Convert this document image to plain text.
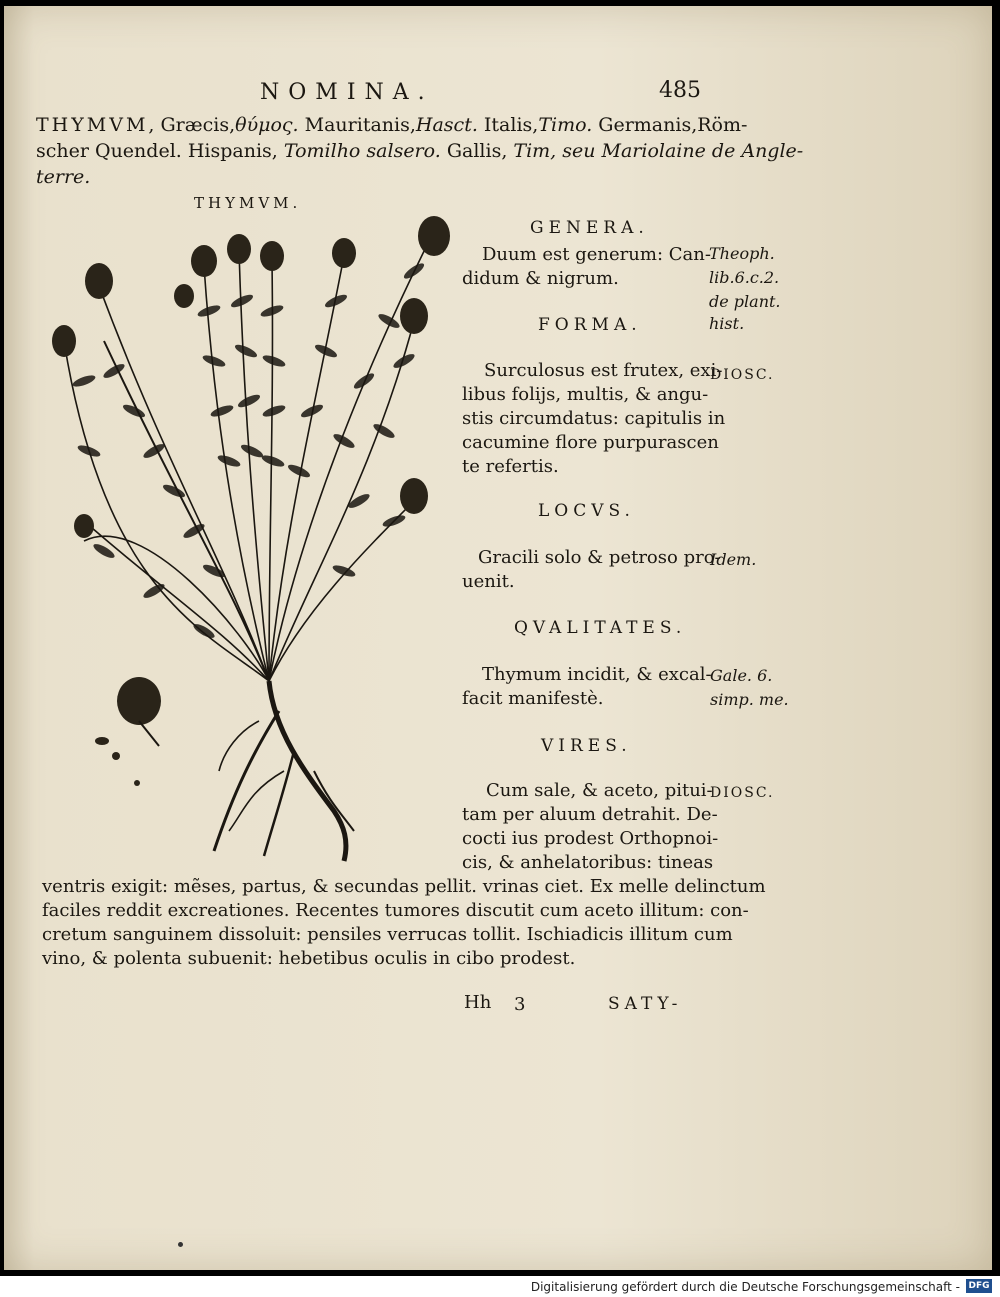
NOMINA.	485
THYMVM, Græcis,θύμος. Mauritanis,Hasct. Italis,Timo. Germanis,Röm-
scher Quendel. Hispanis, Tomilho salsero. Gallis, Tim, seu Mariolaine de Angle-
terre.
THYMVM.
GENERA.
Duum est generum: Can-
didum & nigrum.
Theoph.
lib.6.c.2.
de plant.
hist.
FORMA.
Surculosus est frutex, exi-
libus folijs, multis, & angu-
stis circumdatus: capitulis in
cacumine flore purpurascen
te refertis.
DIOSC.
LOCVS.
Gracili solo & petroso pro-
uenit.
Idem.
QVALITATES.
Thymum incidit, & excal-
facit manifestè.
Gale. 6.
simp. me.
VIRES.
Cum sale, & aceto, pitui-
tam per aluum detrahit. De-
cocti ius prodest Orthopnoi-
cis, & anhelatoribus: tineas
DIOSC.
ventris exigit: mẽses, partus, & secundas pellit. vrinas ciet. Ex melle delinctum
faciles reddit excreationes. Recentes tumores discutit cum aceto illitum: con-
cretum sanguinem dissoluit: pensiles verrucas tollit. Ischiadicis illitum cum
vino, & polenta subuenit: hebetibus oculis in cibo prodest.
Hh 3	SATY-
Digitalisierung gefördert durch die Deutsche Forschungsgemeinschaft - DFG
